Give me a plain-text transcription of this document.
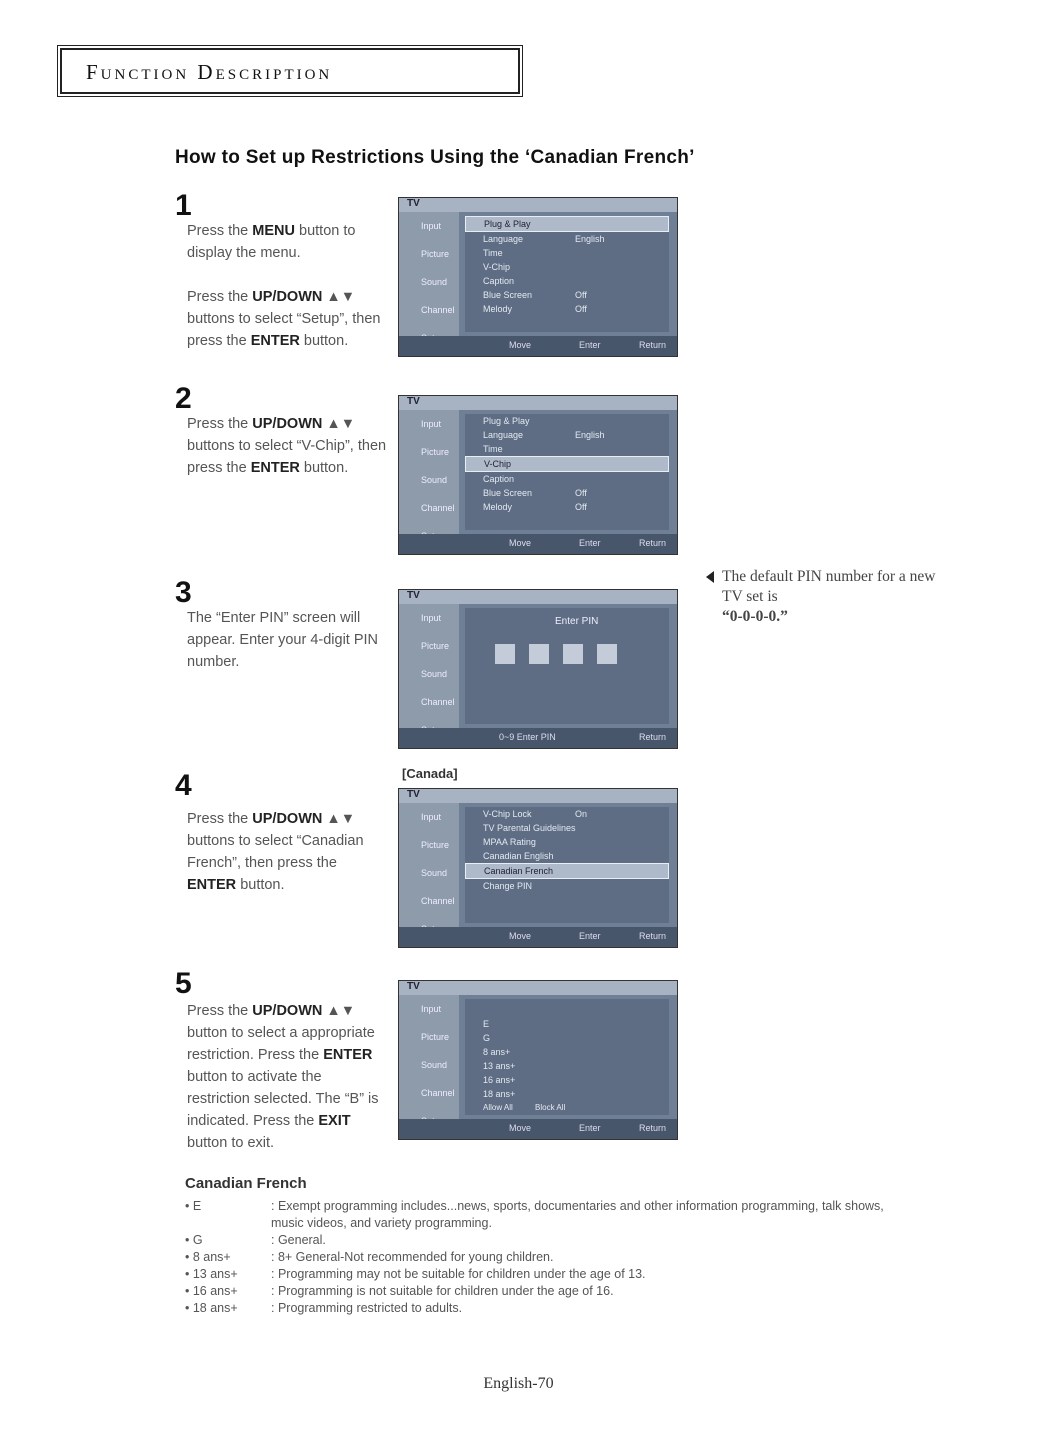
Function Description
How to Set up Restrictions Using the ‘Canadian French’
1
Press the MENU button to display the menu.

Press the UP/DOWN ▲▼ buttons to select “Setup”, then press the ENTER button.
TV
Input
Picture
Sound
Channel
Plug & Play
Language	English
Time
V-Chip
Caption
Blue Screen	Off
Melody	Off
Move	Enter	Return
2
Press the UP/DOWN ▲▼ buttons to select “V-Chip”, then press the ENTER button.
TV
Input
Picture
Sound
Channel
Plug & Play
Language	English
Time
V-Chip
Caption
Blue Screen	Off
Melody	Off
Move	Enter	Return
3
The “Enter PIN” screen will appear. Enter your 4-digit PIN number.
TV
Input
Picture
Sound
Channel
Enter PIN
0~9 Enter PIN	Return
The default PIN number for a new TV set is
“0-0-0-0.”
[Canada]
4
Press the UP/DOWN ▲▼ buttons to select “Canadian French”, then press the ENTER button.
TV
Input
Picture
Sound
Channel
V-Chip Lock	On
TV Parental Guidelines
MPAA Rating
Canadian English
Canadian French
Change PIN
Move	Enter	Return
5
Press the UP/DOWN ▲▼ button to select a appropriate restriction. Press the ENTER button to activate the restriction selected. The “B” is indicated. Press the EXIT button to exit.
TV
Input
Picture
Sound
Channel
E
G
8 ans+
13 ans+
16 ans+
18 ans+
Allow All	Block All
Move	Enter	Return
Canadian French
• E	: Exempt programming includes...news, sports, documentaries and other information programming, talk shows, music videos, and variety programming.
• G	: General.
• 8 ans+	: 8+ General-Not recommended for young children.
• 13 ans+	: Programming may not be suitable for children under the age of 13.
• 16 ans+	: Programming is not suitable for children under the age of 16.
• 18 ans+	: Programming restricted to adults.
English-70
